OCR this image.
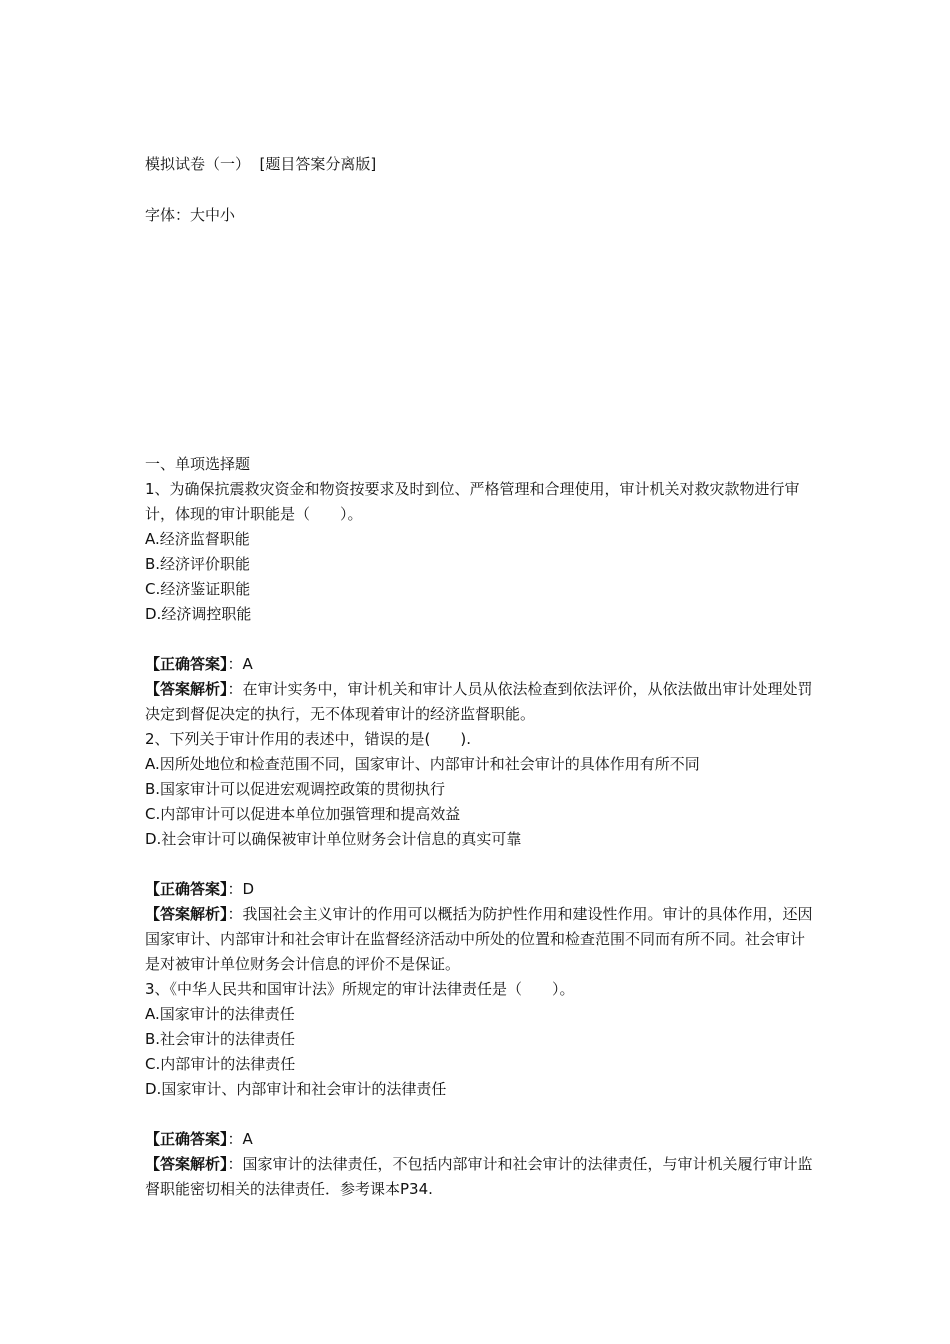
模拟试卷（一）  [题目答案分离版]
字体：大中小

一、单项选择题

1、为确保抗震救灾资金和物资按要求及时到位、严格管理和合理使用，审计机关对救灾款物进行审计，体现的审计职能是（　　）。

A.经济监督职能

B.经济评价职能

C.经济鉴证职能

D.经济调控职能

【正确答案】：A

【答案解析】：在审计实务中，审计机关和审计人员从依法检查到依法评价，从依法做出审计处理处罚决定到督促决定的执行，无不体现着审计的经济监督职能。

2、下列关于审计作用的表述中，错误的是(　　).

A.因所处地位和检查范围不同，国家审计、内部审计和社会审计的具体作用有所不同

B.国家审计可以促进宏观调控政策的贯彻执行

C.内部审计可以促进本单位加强管理和提高效益

D.社会审计可以确保被审计单位财务会计信息的真实可靠

【正确答案】：D

【答案解析】：我国社会主义审计的作用可以概括为防护性作用和建设性作用。审计的具体作用，还因国家审计、内部审计和社会审计在监督经济活动中所处的位置和检查范围不同而有所不同。社会审计是对被审计单位财务会计信息的评价不是保证。

3、《中华人民共和国审计法》所规定的审计法律责任是（　　）。

A.国家审计的法律责任

B.社会审计的法律责任

C.内部审计的法律责任

D.国家审计、内部审计和社会审计的法律责任

【正确答案】：A

【答案解析】：国家审计的法律责任，不包括内部审计和社会审计的法律责任，与审计机关履行审计监督职能密切相关的法律责任．参考课本P34.
